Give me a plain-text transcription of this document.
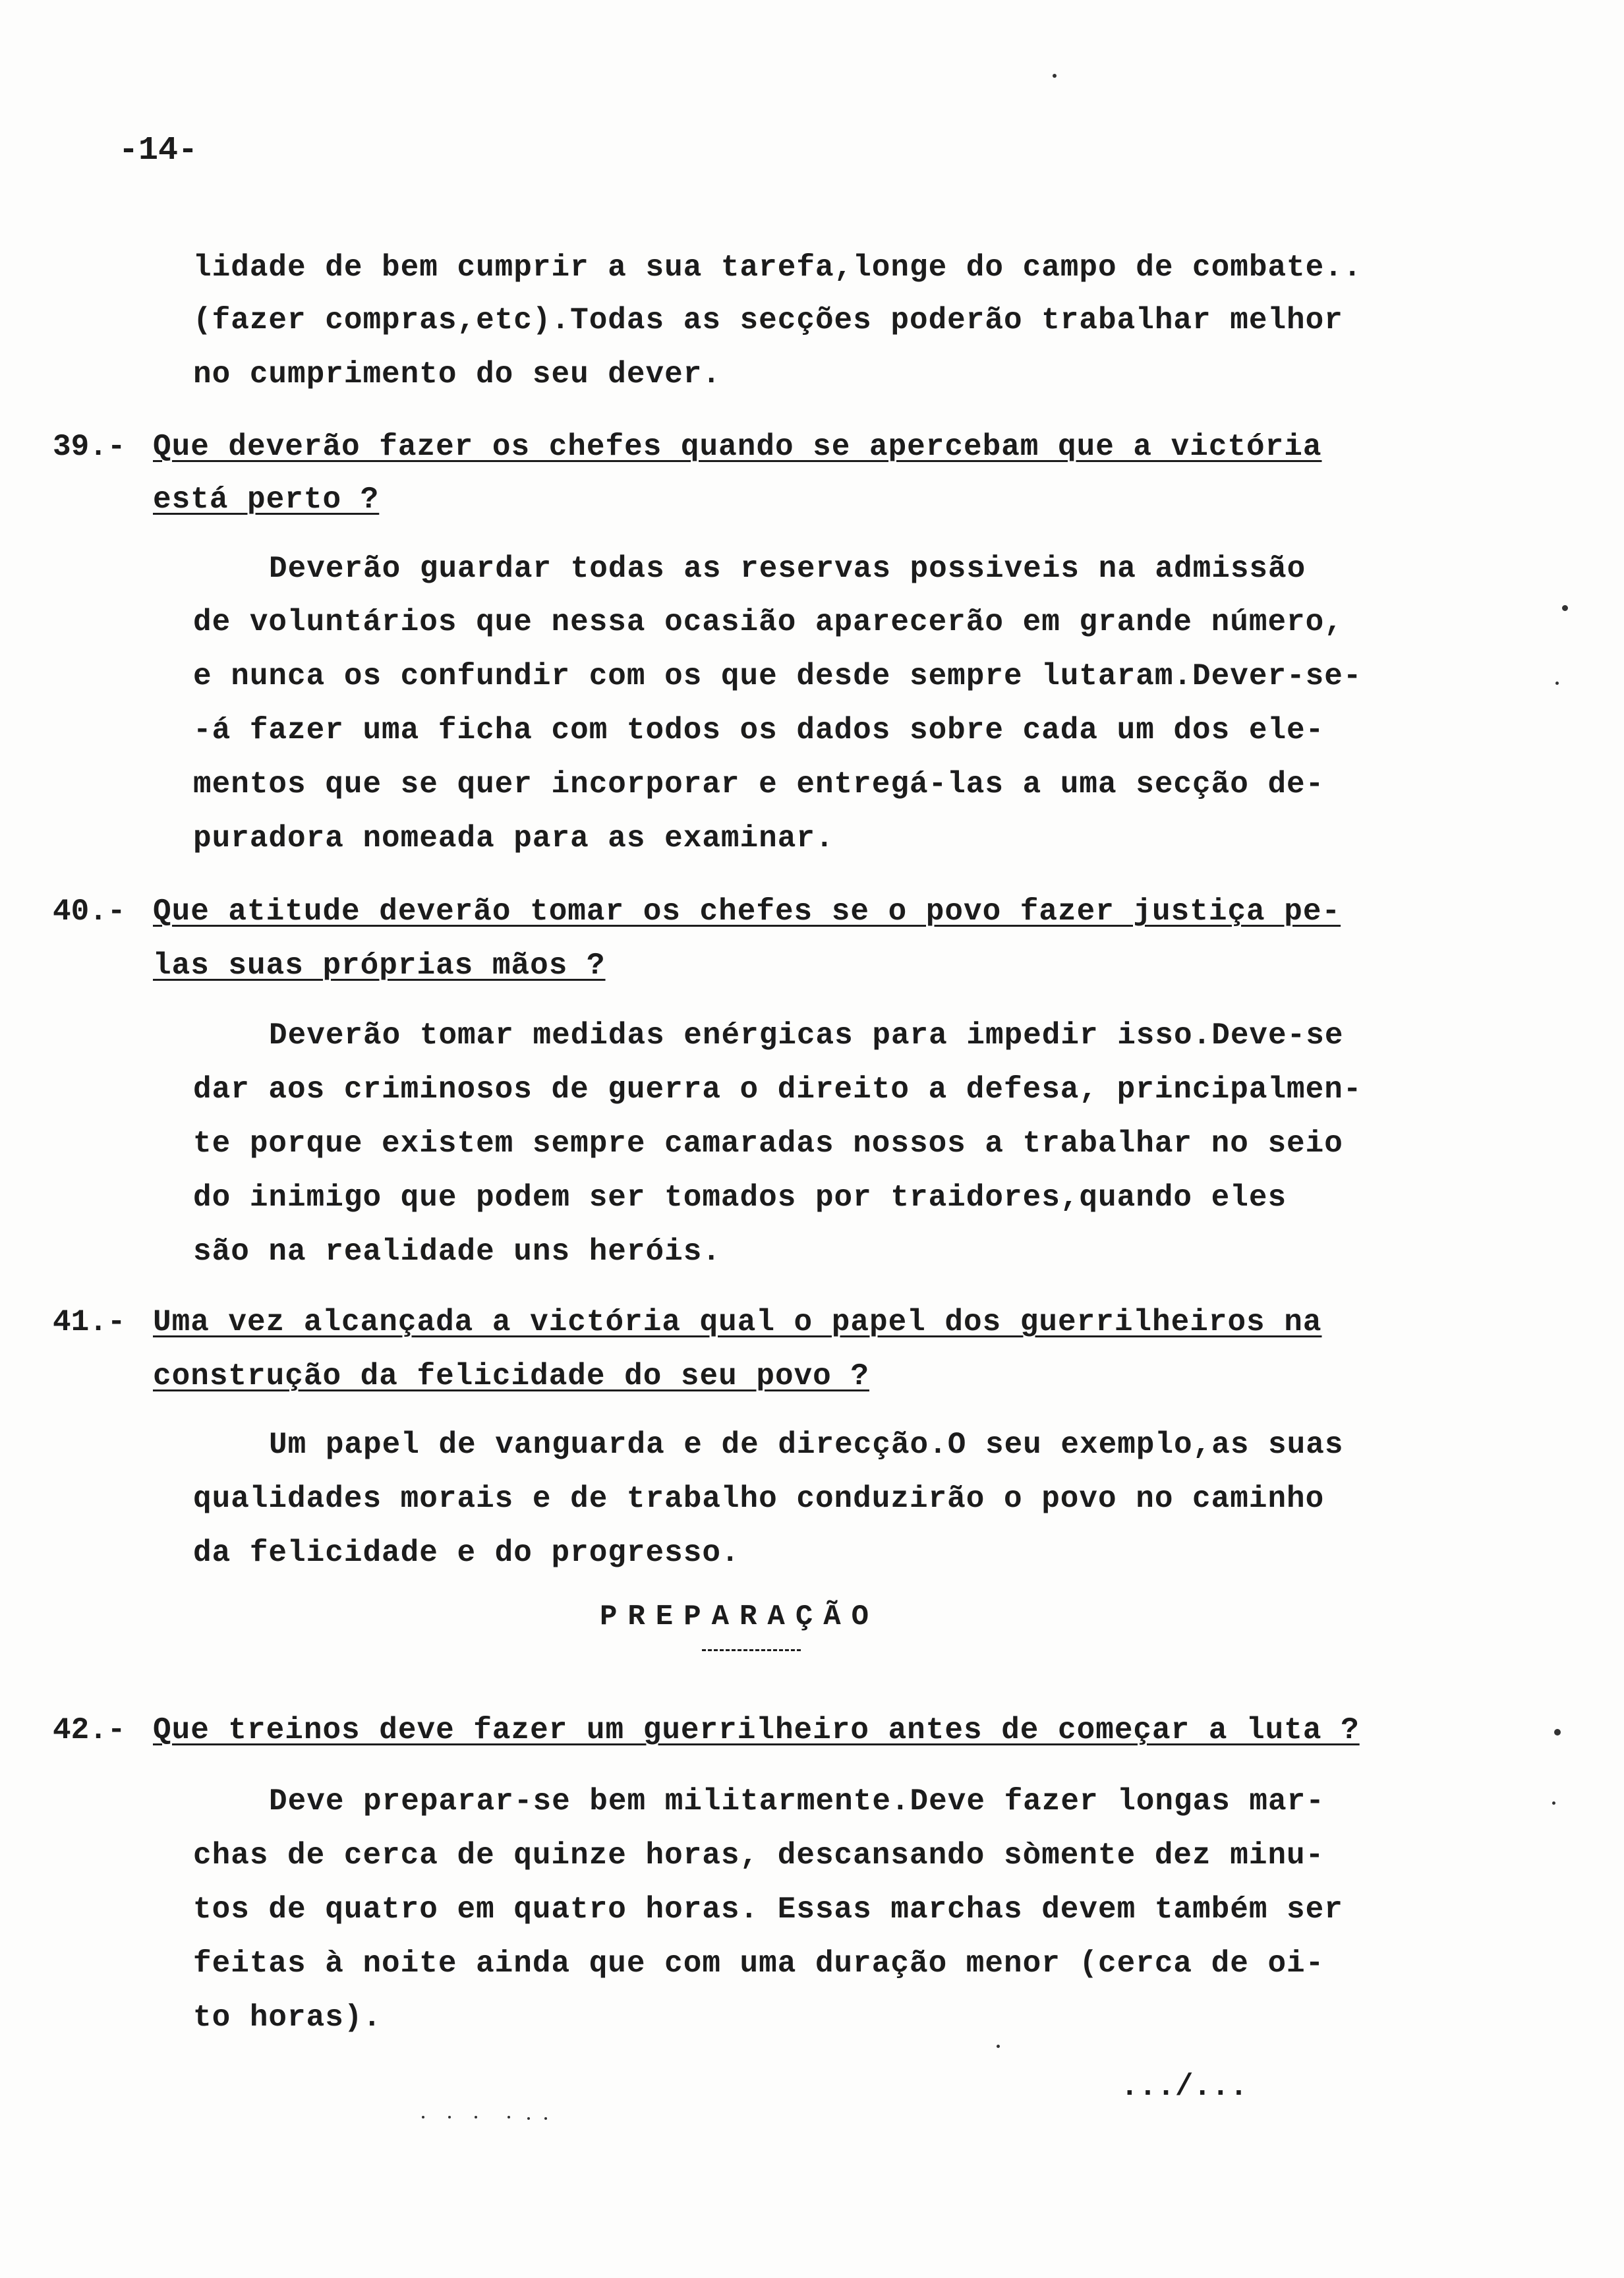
-14-
lidade de bem cumprir a sua tarefa,longe do campo de combate..
(fazer compras,etc).Todas as secções poderão trabalhar melhor
no cumprimento do seu dever.
39.- Que deverão fazer os chefes quando se apercebam que a victória
está perto ?
Deverão guardar todas as reservas possiveis na admissão
de voluntários que nessa ocasião aparecerão em grande número,
e nunca os confundir com os que desde sempre lutaram.Dever-se-
-á fazer uma ficha com todos os dados sobre cada um dos ele-
mentos que se quer incorporar e entregá-las a uma secção de-
puradora nomeada para as examinar.
40.- Que atitude deverão tomar os chefes se o povo fazer justiça pe-
las suas próprias mãos ?
Deverão tomar medidas enérgicas para impedir isso.Deve-se
dar aos criminosos de guerra o direito a defesa, principalmen-
te porque existem sempre camaradas nossos a trabalhar no seio
do inimigo que podem ser tomados por traidores,quando eles
são na realidade uns heróis.
41.- Uma vez alcançada a victória qual o papel dos guerrilheiros na
construção da felicidade do seu povo ?
Um papel de vanguarda e de direcção.O seu exemplo,as suas
qualidades morais e de trabalho conduzirão o povo no caminho
da felicidade e do progresso.
PREPARAÇÃO
42.- Que treinos deve fazer um guerrilheiro antes de começar a luta ?
Deve preparar-se bem militarmente.Deve fazer longas mar-
chas de cerca de quinze horas, descansando sòmente dez minu-
tos de quatro em quatro horas. Essas marchas devem também ser
feitas à noite ainda que com uma duração menor (cerca de oi-
to horas).
.../...
